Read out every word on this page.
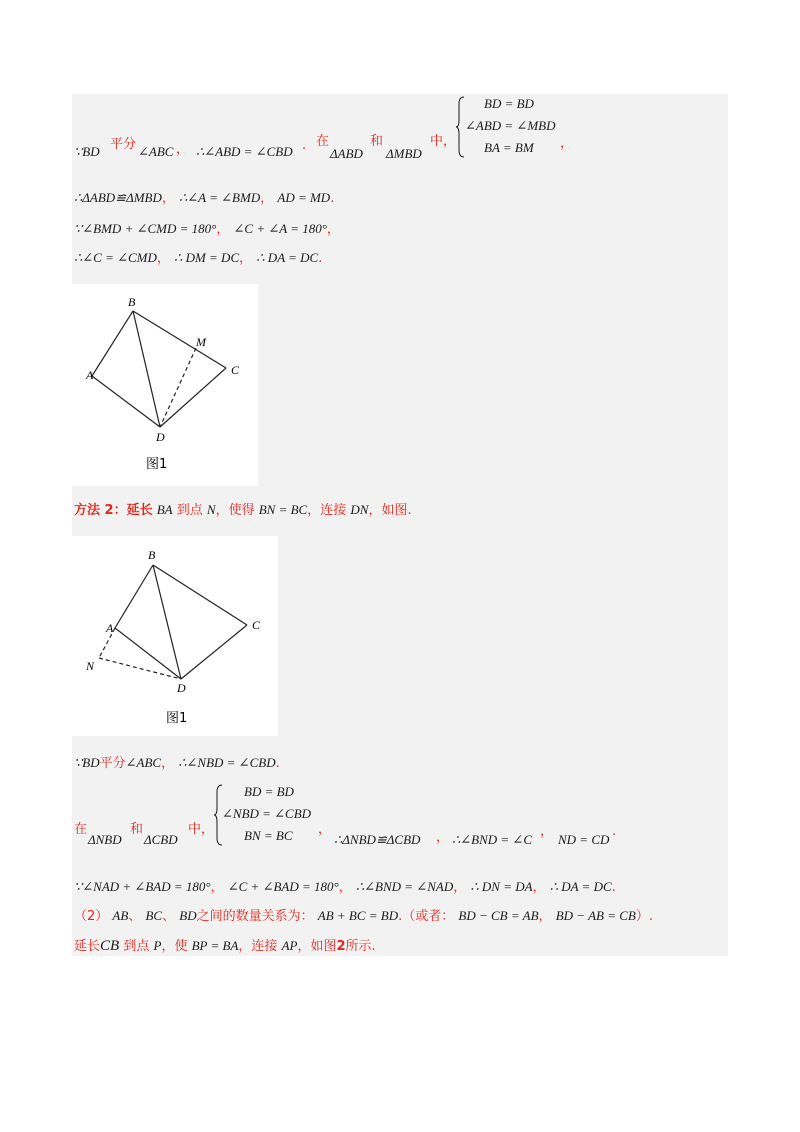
∵BD 平分 ∠ABC ， ∴∠ABD = ∠CBD . 在
ΔABD
和
ΔMBD
中，
BD = BD
∠ABD = ∠MBD
BA = BM ，
∴ΔABD≌ΔMBD， ∴∠A = ∠BMD， AD = MD.
∵∠BMD + ∠CMD = 180°， ∠C + ∠A = 180°，
∴∠C = ∠CMD， ∴ DM = DC， ∴ DA = DC.
B
M
A	C
D
图1
方法 2：延长 BA 到点 N，使得 BN = BC，连接 DN，如图.
B
A	C
N
D
图1
∵BD平分∠ABC， ∴∠NBD = ∠CBD.
在
ΔNBD
和
ΔCBD
中，
BD = BD
∠NBD = ∠CBD
BN = BC ，
∴ΔNBD≌ΔCBD ， ∴∠BND = ∠C
，
ND = CD
.
∵∠NAD + ∠BAD = 180°， ∠C + ∠BAD = 180°， ∴∠BND = ∠NAD， ∴ DN = DA， ∴ DA = DC.
（2） AB、 BC、 BD之间的数量关系为： AB + BC = BD.（或者： BD − CB = AB， BD − AB = CB）.
延长CB 到点 P，使 BP = BA，连接 AP，如图2所示.
